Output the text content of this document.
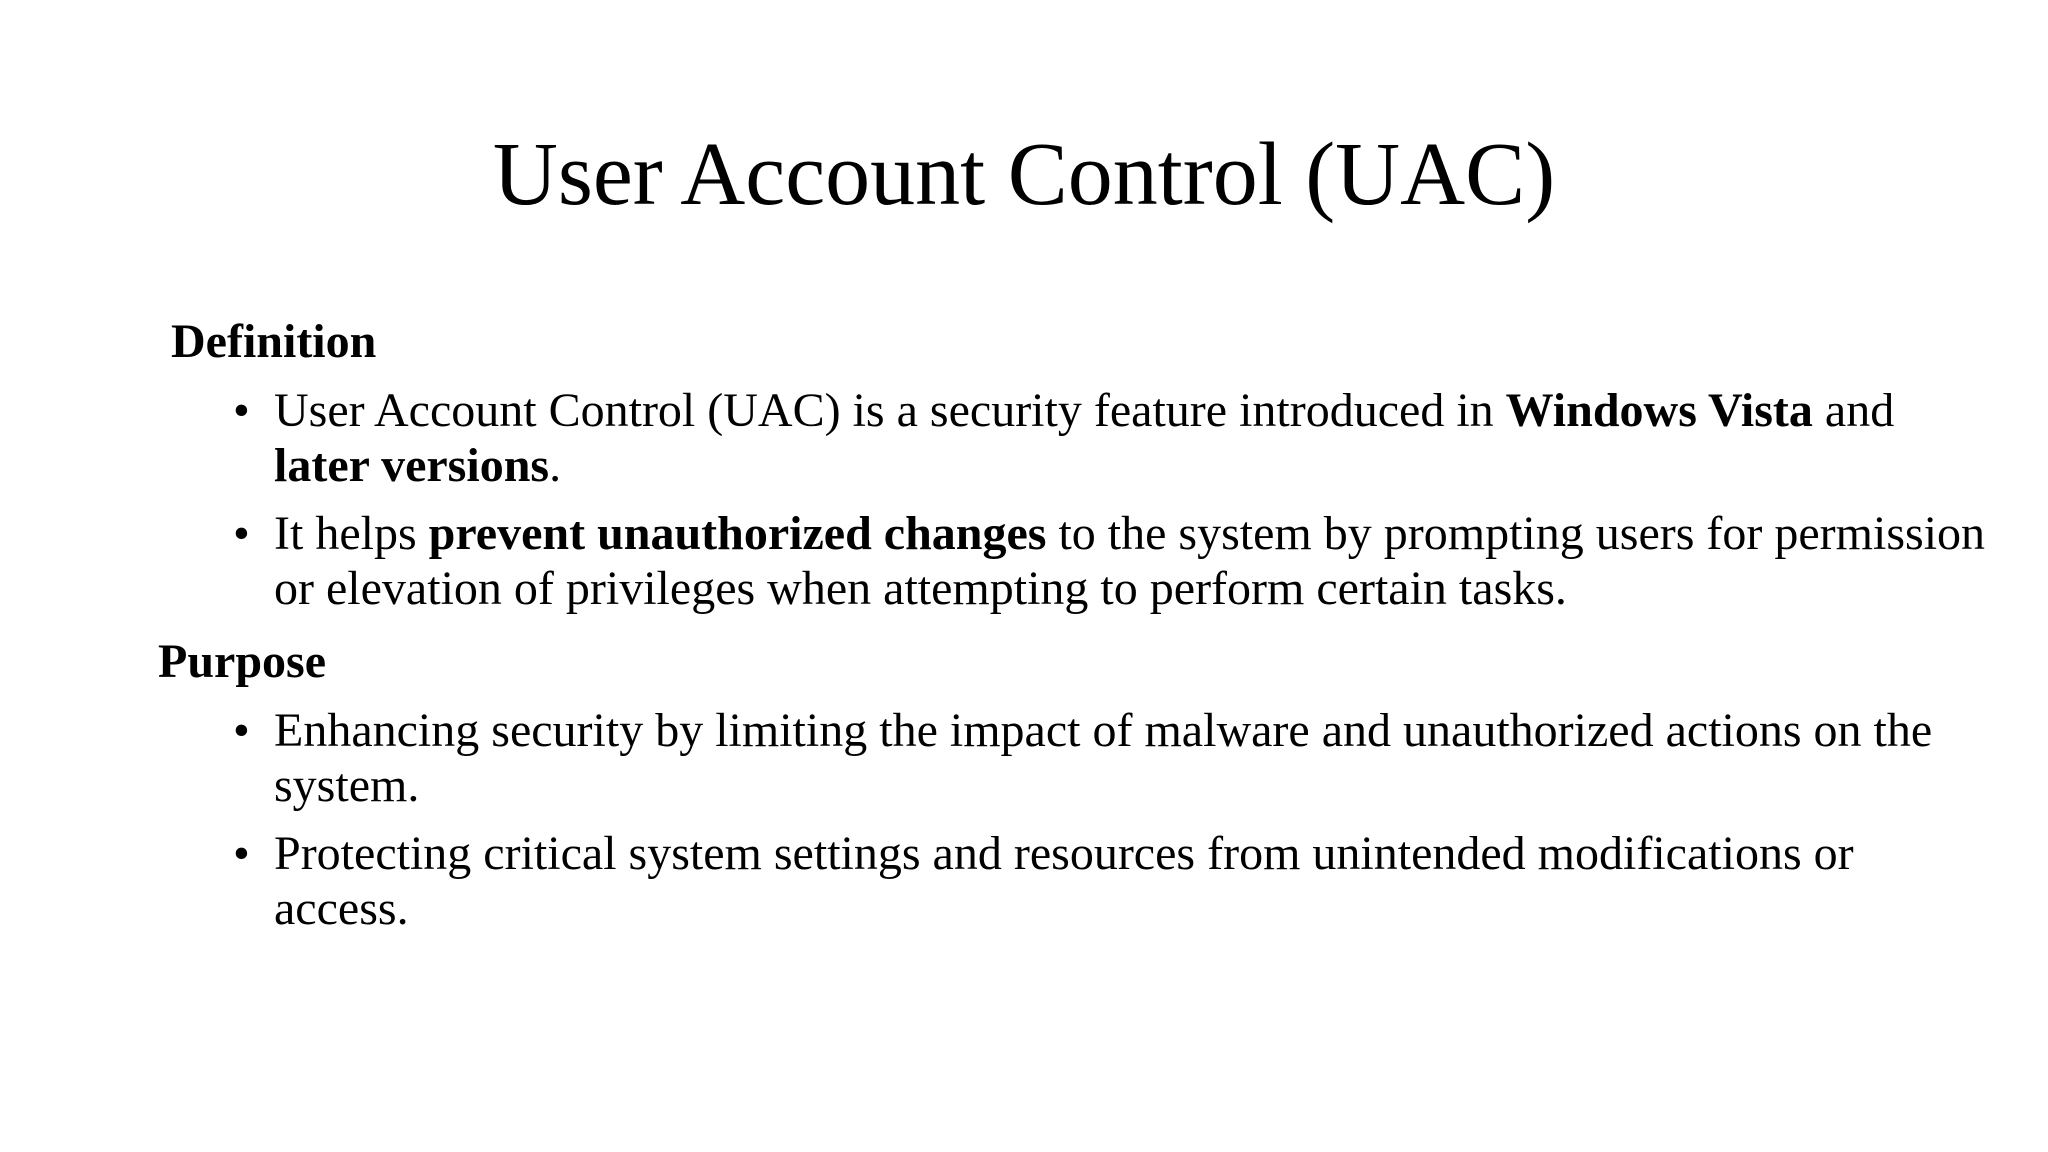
User Account Control (UAC)
Definition
• User Account Control (UAC) is a security feature introduced in Windows Vista and later versions.
• It helps prevent unauthorized changes to the system by prompting users for permission or elevation of privileges when attempting to perform certain tasks.
Purpose
• Enhancing security by limiting the impact of malware and unauthorized actions on the system.
• Protecting critical system settings and resources from unintended modifications or access.
